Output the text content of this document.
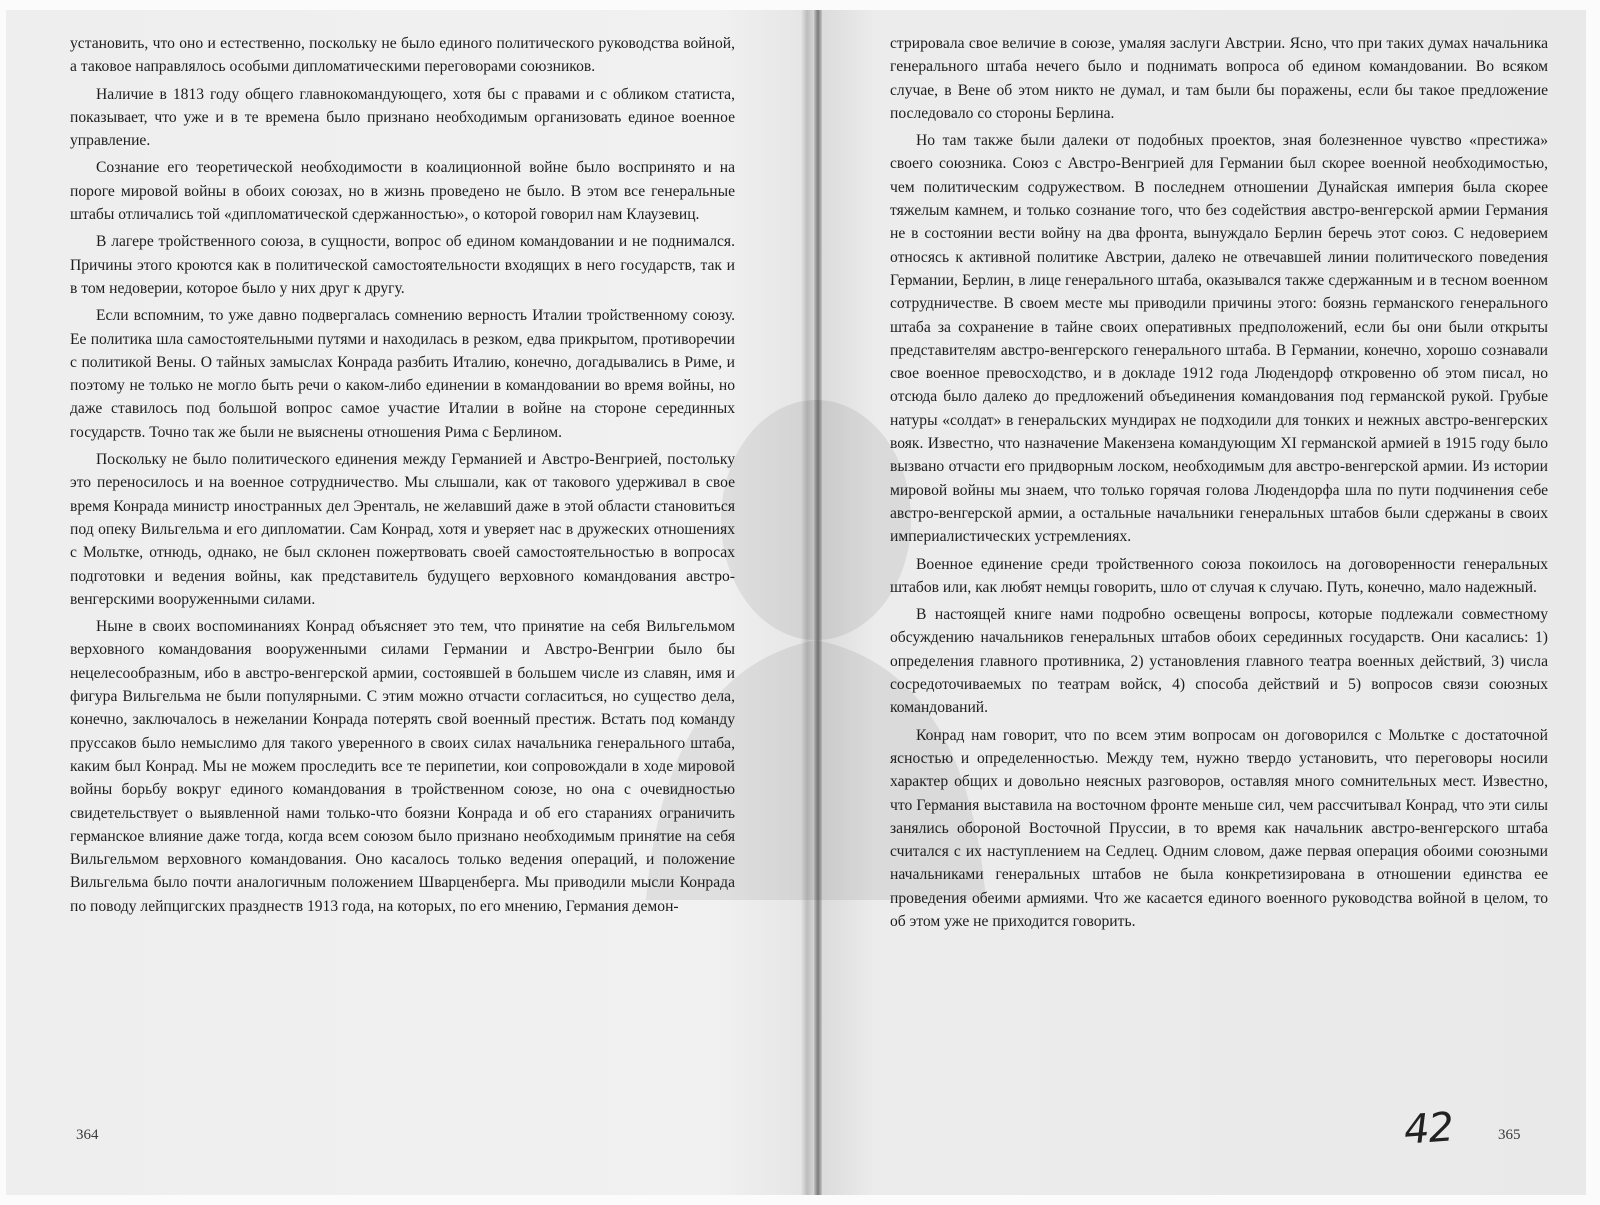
установить, что оно и естественно, поскольку не было единого политического руководства войной, а таковое направлялось особыми дипломатическими переговорами союзников.

Наличие в 1813 году общего главнокомандующего, хотя бы с правами и с обликом статиста, показывает, что уже и в те времена было признано необходимым организовать единое военное управление.

Сознание его теоретической необходимости в коалиционной войне было воспринято и на пороге мировой войны в обоих союзах, но в жизнь проведено не было. В этом все генеральные штабы отличались той «дипломатической сдержанностью», о которой говорил нам Клаузевиц.

В лагере тройственного союза, в сущности, вопрос об едином командовании и не поднимался. Причины этого кроются как в политической самостоятельности входящих в него государств, так и в том недоверии, которое было у них друг к другу.

Если вспомним, то уже давно подвергалась сомнению верность Италии тройственному союзу. Ее политика шла самостоятельными путями и находилась в резком, едва прикрытом, противоречии с политикой Вены. О тайных замыслах Конрада разбить Италию, конечно, догадывались в Риме, и поэтому не только не могло быть речи о каком-либо единении в командовании во время войны, но даже ставилось под большой вопрос самое участие Италии в войне на стороне серединных государств. Точно так же были не выяснены отношения Рима с Берлином.

Поскольку не было политического единения между Германией и Австро-Венгрией, постольку это переносилось и на военное сотрудничество. Мы слышали, как от такового удерживал в свое время Конрада министр иностранных дел Эренталь, не желавший даже в этой области становиться под опеку Вильгельма и его дипломатии. Сам Конрад, хотя и уверяет нас в дружеских отношениях с Мольтке, отнюдь, однако, не был склонен пожертвовать своей самостоятельностью в вопросах подготовки и ведения войны, как представитель будущего верховного командования австро-венгерскими вооруженными силами.

Ныне в своих воспоминаниях Конрад объясняет это тем, что принятие на себя Вильгельмом верховного командования вооруженными силами Германии и Австро-Венгрии было бы нецелесообразным, ибо в австро-венгерской армии, состоявшей в большем числе из славян, имя и фигура Вильгельма не были популярными. С этим можно отчасти согласиться, но существо дела, конечно, заключалось в нежелании Конрада потерять свой военный престиж. Встать под команду пруссаков было немыслимо для такого уверенного в своих силах начальника генерального штаба, каким был Конрад. Мы не можем проследить все те перипетии, кои сопровождали в ходе мировой войны борьбу вокруг единого командования в тройственном союзе, но она с очевидностью свидетельствует о выявленной нами только-что боязни Конрада и об его стараниях ограничить германское влияние даже тогда, когда всем союзом было признано необходимым принятие на себя Вильгельмом верховного командования. Оно касалось только ведения операций, и положение Вильгельма было почти аналогичным положением Шварценберга. Мы приводили мысли Конрада по поводу лейпцигских празднеств 1913 года, на которых, по его мнению, Германия демон-

стрировала свое величие в союзе, умаляя заслуги Австрии. Ясно, что при таких думах начальника генерального штаба нечего было и поднимать вопроса об едином командовании. Во всяком случае, в Вене об этом никто не думал, и там были бы поражены, если бы такое предложение последовало со стороны Берлина.

Но там также были далеки от подобных проектов, зная болезненное чувство «престижа» своего союзника. Союз с Австро-Венгрией для Германии был скорее военной необходимостью, чем политическим содружеством. В последнем отношении Дунайская империя была скорее тяжелым камнем, и только сознание того, что без содействия австро-венгерской армии Германия не в состоянии вести войну на два фронта, вынуждало Берлин беречь этот союз. С недоверием относясь к активной политике Австрии, далеко не отвечавшей линии политического поведения Германии, Берлин, в лице генерального штаба, оказывался также сдержанным и в тесном военном сотрудничестве. В своем месте мы приводили причины этого: боязнь германского генерального штаба за сохранение в тайне своих оперативных предположений, если бы они были открыты представителям австро-венгерского генерального штаба. В Германии, конечно, хорошо сознавали свое военное превосходство, и в докладе 1912 года Людендорф откровенно об этом писал, но отсюда было далеко до предложений объединения командования под германской рукой. Грубые натуры «солдат» в генеральских мундирах не подходили для тонких и нежных австро-венгерских вояк. Известно, что назначение Макензена командующим XI германской армией в 1915 году было вызвано отчасти его придворным лоском, необходимым для австро-венгерской армии. Из истории мировой войны мы знаем, что только горячая голова Людендорфа шла по пути подчинения себе австро-венгерской армии, а остальные начальники генеральных штабов были сдержаны в своих империалистических устремлениях.

Военное единение среди тройственного союза покоилось на договоренности генеральных штабов или, как любят немцы говорить, шло от случая к случаю. Путь, конечно, мало надежный.

В настоящей книге нами подробно освещены вопросы, которые подлежали совместному обсуждению начальников генеральных штабов обоих серединных государств. Они касались: 1) определения главного противника, 2) установления главного театра военных действий, 3) числа сосредоточиваемых по театрам войск, 4) способа действий и 5) вопросов связи союзных командований.

Конрад нам говорит, что по всем этим вопросам он договорился с Мольтке с достаточной ясностью и определенностью. Между тем, нужно твердо установить, что переговоры носили характер общих и довольно неясных разговоров, оставляя много сомнительных мест. Известно, что Германия выставила на восточном фронте меньше сил, чем рассчитывал Конрад, что эти силы занялись обороной Восточной Пруссии, в то время как начальник австро-венгерского штаба считался с их наступлением на Седлец. Одним словом, даже первая операция обоими союзными начальниками генеральных штабов не была конкретизирована в отношении единства ее проведения обеими армиями. Что же касается единого военного руководства войной в целом, то об этом уже не приходится говорить.

364	365
42
